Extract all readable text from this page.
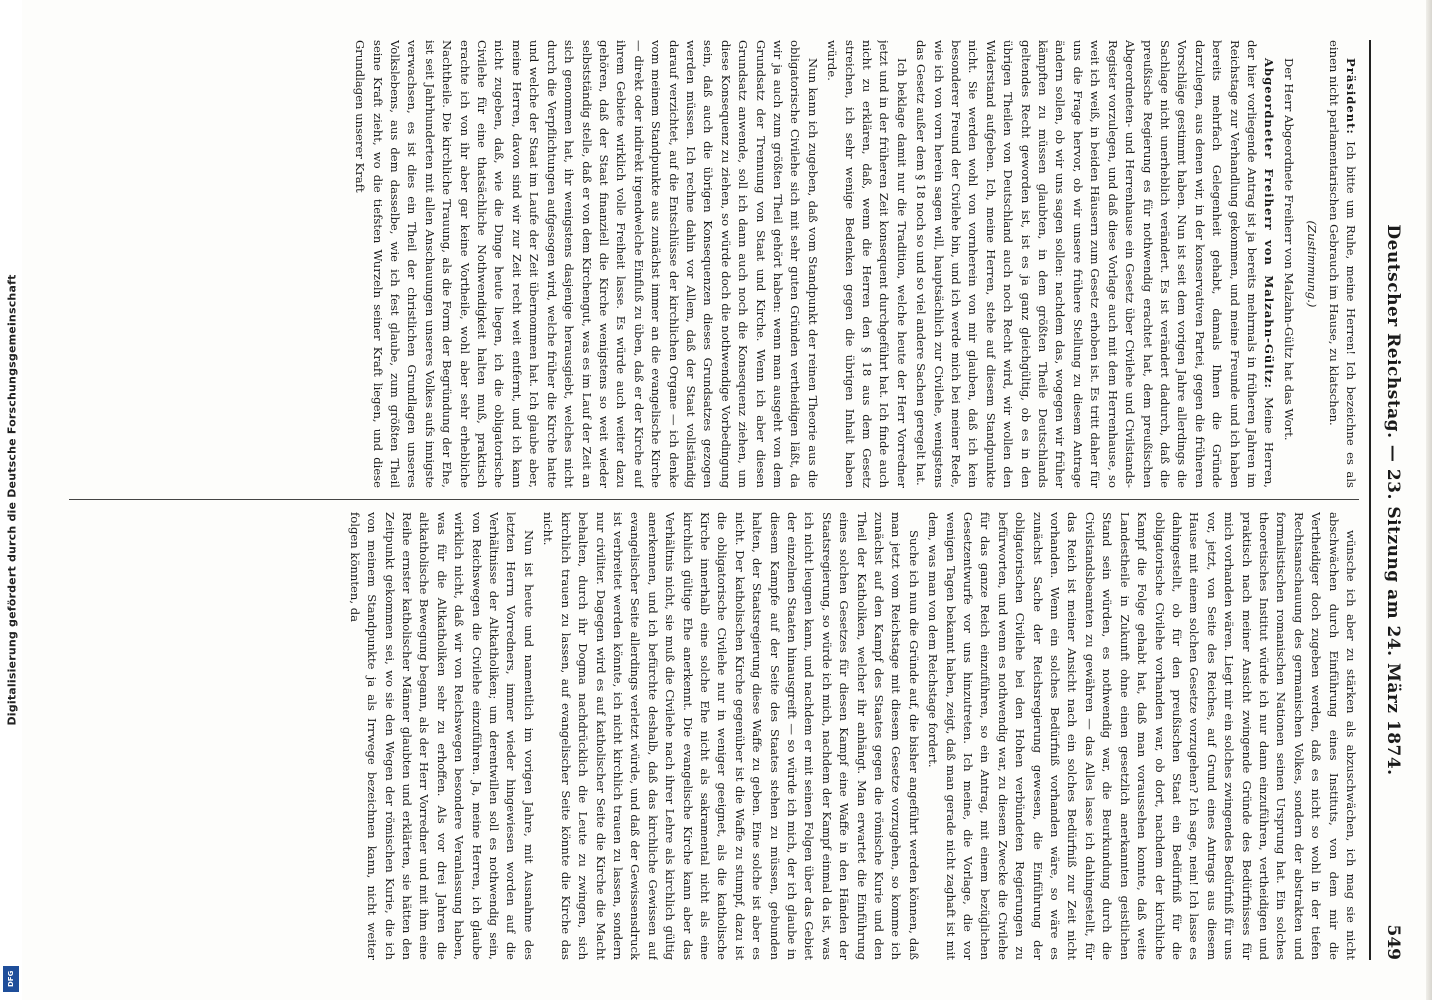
Deutscher Reichstag. — 23. Sitzung am 24. März 1874.
549

Präsident: Ich bitte um Ruhe, meine Herren! Ich bezeichne es als einen nicht parlamentarischen Gebrauch im Hause, zu klatschen.

(Zustimmung.)

Der Herr Abgeordnete Freiherr von Malzahn-Gültz hat das Wort.

Abgeordneter Freiherr von Malzahn-Gültz: Meine Herren, der hier vorliegende Antrag ist ja bereits mehrmals in früheren Jahren im Reichstage zur Verhandlung gekommen, und meine Freunde und ich haben bereits mehrfach Gelegenheit gehabt, damals Ihnen die Gründe darzulegen, aus denen wir, in der konservativen Partei, gegen die früheren Vorschläge gestimmt haben. Nun ist seit dem vorigen Jahre allerdings die Sachlage nicht unerheblich verändert. Es ist verändert dadurch, daß die preußische Regierung es für nothwendig erachtet hat, dem preußischen Abgeordneten- und Herrenhause ein Gesetz über Civilehe und Civilstands-Register vorzulegen, und daß diese Vorlage auch mit dem Herrenhause, so weit ich weiß, in beiden Häusern zum Gesetz erhoben ist. Es tritt daher für uns die Frage hervor, ob wir unsere frühere Stellung zu diesem Antrage ändern sollen, ob wir uns sagen sollen: nachdem das, wogegen wir früher kämpften zu müssen glaubten, in dem größten Theile Deutschlands geltendes Recht geworden ist, ist es ja ganz gleichgültig, ob es in den übrigen Theilen von Deutschland auch noch Recht wird, wir wollen den Widerstand aufgeben. Ich, meine Herren, stehe auf diesem Standpunkte nicht. Sie werden wohl von vornherein von mir glauben, daß ich kein besonderer Freund der Civilehe bin, und ich werde mich bei meiner Rede, wie ich von vorn herein sagen will, hauptsächlich zur Civilehe, wenigstens das Gesetz außer dem § 18 noch so und so viel andere Sachen geregelt hat.

Ich beklage damit nur die Tradition, welche heute der Herr Vorredner jetzt und in der früheren Zeit konsequent durchgeführt hat. Ich finde auch nicht zu erklären, daß, wenn die Herren den § 18 aus dem Gesetz streichen, ich sehr wenige Bedenken gegen die übrigen Inhalt haben würde.

Nun kann ich zugeben, daß vom Standpunkt der reinen Theorie aus die obligatorische Civilehe sich mit sehr guten Gründen vertheidigen läßt, da wir ja auch zum größten Theil gehört haben: wenn man ausgeht von dem Grundsatz der Trennung von Staat und Kirche. Wenn ich aber diesen Grundsatz anwende, soll ich dann auch noch die Konsequenz ziehen, um diese Konsequenz zu ziehen, so würde doch die nothwendige Vorbedingung sein, daß auch die übrigen Konsequenzen dieses Grundsatzes gezogen werden müssen. Ich rechne dahin vor Allem, daß der Staat vollständig darauf verzichtet, auf die Entschlüsse der kirchlichen Organe — ich denke vom meinem Standpunkte aus zunächst immer an die evangelische Kirche — direkt oder indirekt irgendwelche Einfluß zu üben, daß er der Kirche auf ihrem Gebiete wirklich volle Freiheit lasse. Es würde auch weiter dazu gehören, daß der Staat finanziell die Kirche wenigstens so weit wieder selbstständig stelle, daß er von dem Kirchengut, was es im Lauf der Zeit an sich genommen hat, ihr wenigstens dasjenige herausgiebt, welches nicht durch die Verpflichtungen aufgesogen wird, welche früher die Kirche hatte und welche der Staat im Laufe der Zeit übernommen hat. Ich glaube aber, meine Herren, davon sind wir zur Zeit recht weit entfernt, und ich kann nicht zugeben, daß, wie die Dinge heute liegen, ich die obligatorische Civilehe für eine thatsächliche Nothwendigkeit halten muß, praktisch erachte ich von ihr aber gar keine Vortheile, wohl aber sehr erhebliche Nachtheile. Die kirchliche Trauung, als die Form der Begründung der Ehe, ist seit Jahrhunderten mit allen Anschauungen unseres Volkes aufs innigste verwachsen, es ist dies ein Theil der christlichen Grundlagen unseres Volkslebens, aus dem dasselbe, wie ich fest glaube, zum größten Theil seine Kraft zieht, wo die tiefsten Wurzeln seiner Kraft liegen, und diese Grundlagen unserer Kraft

wünsche ich aber zu stärken als abzuschwächen, ich mag sie nicht abschwächen durch Einführung eines Instituts, von dem mir die Vertheidiger doch zugeben werden, daß es nicht so wohl in der tiefen Rechtsanschauung des germanischen Volkes, sondern der abstrakten und formalistischen romanischen Nationen seinen Ursprung hat. Ein solches theoretisches Institut würde ich nur dann einzuführen, vertheidigen und praktisch nach meiner Ansicht zwingende Gründe des Bedürfnisses für mich vorhanden wären. Liegt mir ein solches zwingendes Bedürfniß für uns vor, jetzt, von Seite des Reiches, auf Grund eines Antrags aus diesem Hause mit einem solchen Gesetze vorzugehen? Ich sage, nein! Ich lasse es dahingestellt, ob für den preußischen Staat ein Bedürfniß für die obligatorische Civilehe vorhanden war, ob dort, nachdem der kirchliche Kampf die Folge gehabt hat, daß man voraussehen konnte, daß weite Landestheile in Zukunft ohne einen gesetzlich anerkannten geistlichen Stand sein würden, es nothwendig war, die Beurkundung durch die Civilstandsbeamten zu gewähren — das Alles lasse ich dahingestellt, für das Reich ist meiner Ansicht nach ein solches Bedürfniß zur Zeit nicht vorhanden. Wenn ein solches Bedürfniß vorhanden wäre, so wäre es zunächst Sache der Reichsregierung gewesen, die Einführung der obligatorischen Civilehe bei den Hohen verbündeten Regierungen zu befürworten, und wenn es nothwendig war, zu diesem Zwecke die Civilehe für das ganze Reich einzuführen, so ein Antrag, mit einem bezüglichen Gesetzentwurfe vor uns hinzutreten. Ich meine, die Vorlage, die vor wenigen Tagen bekannt haben, zeigt, daß man gerade nicht zaghaft ist mit dem, was man von dem Reichstage fordert.

Suche ich nun die Gründe auf, die bisher angeführt werden können, daß man jetzt vom Reichstage mit diesem Gesetze vorzugehen, so komme ich zunächst auf den Kampf des Staates gegen die römische Kurie und den Theil der Katholiken, welcher ihr anhängt. Man erwartet die Einführung eines solchen Gesetzes für diesen Kampf eine Waffe in den Händen der Staatsregierung, so würde ich mich, nachdem der Kampf einmal da ist, was ich nicht leugnen kann, und nachdem er mit seinen Folgen über das Gebiet der einzelnen Staaten hinausgreift — so würde ich mich, der ich glaube in diesem Kampfe auf der Seite des Staates stehen zu müssen, gebunden halten, der Staatsregierung diese Waffe zu geben. Eine solche ist aber es nicht. Der katholischen Kirche gegenüber ist die Waffe zu stumpf, dazu ist die obligatorische Civilehe nur in weniger geeignet, als die katholische Kirche innerhalb eine solche Ehe nicht als sakramental nicht als eine kirchlich gültige Ehe anerkennt. Die evangelische Kirche kann aber das Verhältnis nicht, sie muß die Civilehe nach ihrer Lehre als kirchlich gültig anerkennen, und ich befürchte deshalb, daß das kirchliche Gewissen auf evangelischer Seite allerdings verletzt würde, und daß der Gewissensdruck ist verbreitet werden könnte, ich nicht kirchlich trauen zu lassen, sondern nur civiliter. Dagegen wird es auf katholischer Seite die Kirche die Macht behalten, durch ihr Dogma nachdrücklich die Leute zu zwingen, sich kirchlich trauen zu lassen, auf evangelischer Seite könnte die Kirche das nicht.

Nun ist heute und namentlich im vorigen Jahre, mit Ausnahme des letzten Herrn Vorredners, immer wieder hingewiesen worden auf die Verhältnisse der Altkatholiken; um derentwillen soll es nothwendig sein, von Reichswegen die Civilehe einzuführen. Ja, meine Herren, ich glaube wirklich nicht, daß wir von Reichswegen besondere Veranlassung haben, was für die Altkatholiken sehr zu erhoffen. Als vor drei Jahren die altkatholische Bewegung begann, als der Herr Vorredner und mit ihm eine Reihe ernster katholischer Männer glaubten und erklärten, sie hätten den Zeitpunkt gekommen sei, wo sie den Wegen der römischen Kurie, die ich von meinem Standpunkte ja als Irrwege bezeichnen kann, nicht weiter folgen könnten, da

Digitalisierung gefördert durch die Deutsche Forschungsgemeinschaft
DFG
